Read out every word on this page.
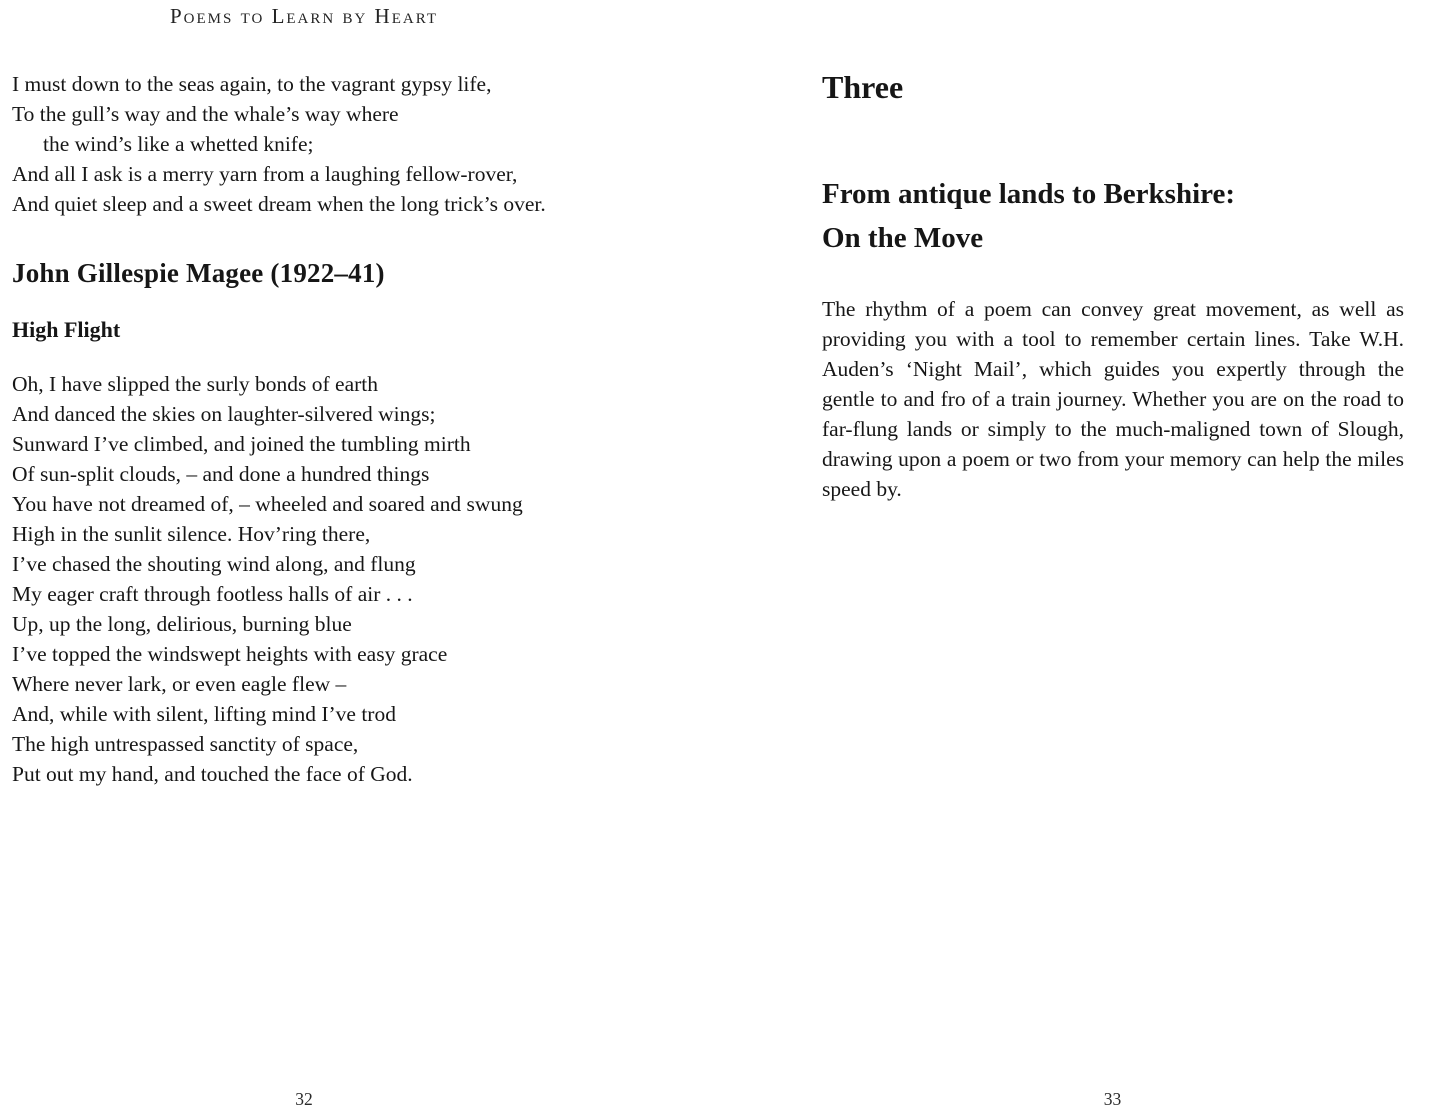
Poems to Learn by Heart
I must down to the seas again, to the vagrant gypsy life,
To the gull’s way and the whale’s way where
the wind’s like a whetted knife;
And all I ask is a merry yarn from a laughing fellow-rover,
And quiet sleep and a sweet dream when the long trick’s over.
John Gillespie Magee (1922–41)
High Flight
Oh, I have slipped the surly bonds of earth
And danced the skies on laughter-silvered wings;
Sunward I’ve climbed, and joined the tumbling mirth
Of sun-split clouds, – and done a hundred things
You have not dreamed of, – wheeled and soared and swung
High in the sunlit silence. Hov’ring there,
I’ve chased the shouting wind along, and flung
My eager craft through footless halls of air . . .
Up, up the long, delirious, burning blue
I’ve topped the windswept heights with easy grace
Where never lark, or even eagle flew –
And, while with silent, lifting mind I’ve trod
The high untrespassed sanctity of space,
Put out my hand, and touched the face of God.
32
Three
From antique lands to Berkshire:
On the Move

The rhythm of a poem can convey great movement, as well as providing you with a tool to remember certain lines. Take W.H. Auden’s ‘Night Mail’, which guides you expertly through the gentle to and fro of a train journey. Whether you are on the road to far-flung lands or simply to the much-maligned town of Slough, drawing upon a poem or two from your memory can help the miles speed by.

33
